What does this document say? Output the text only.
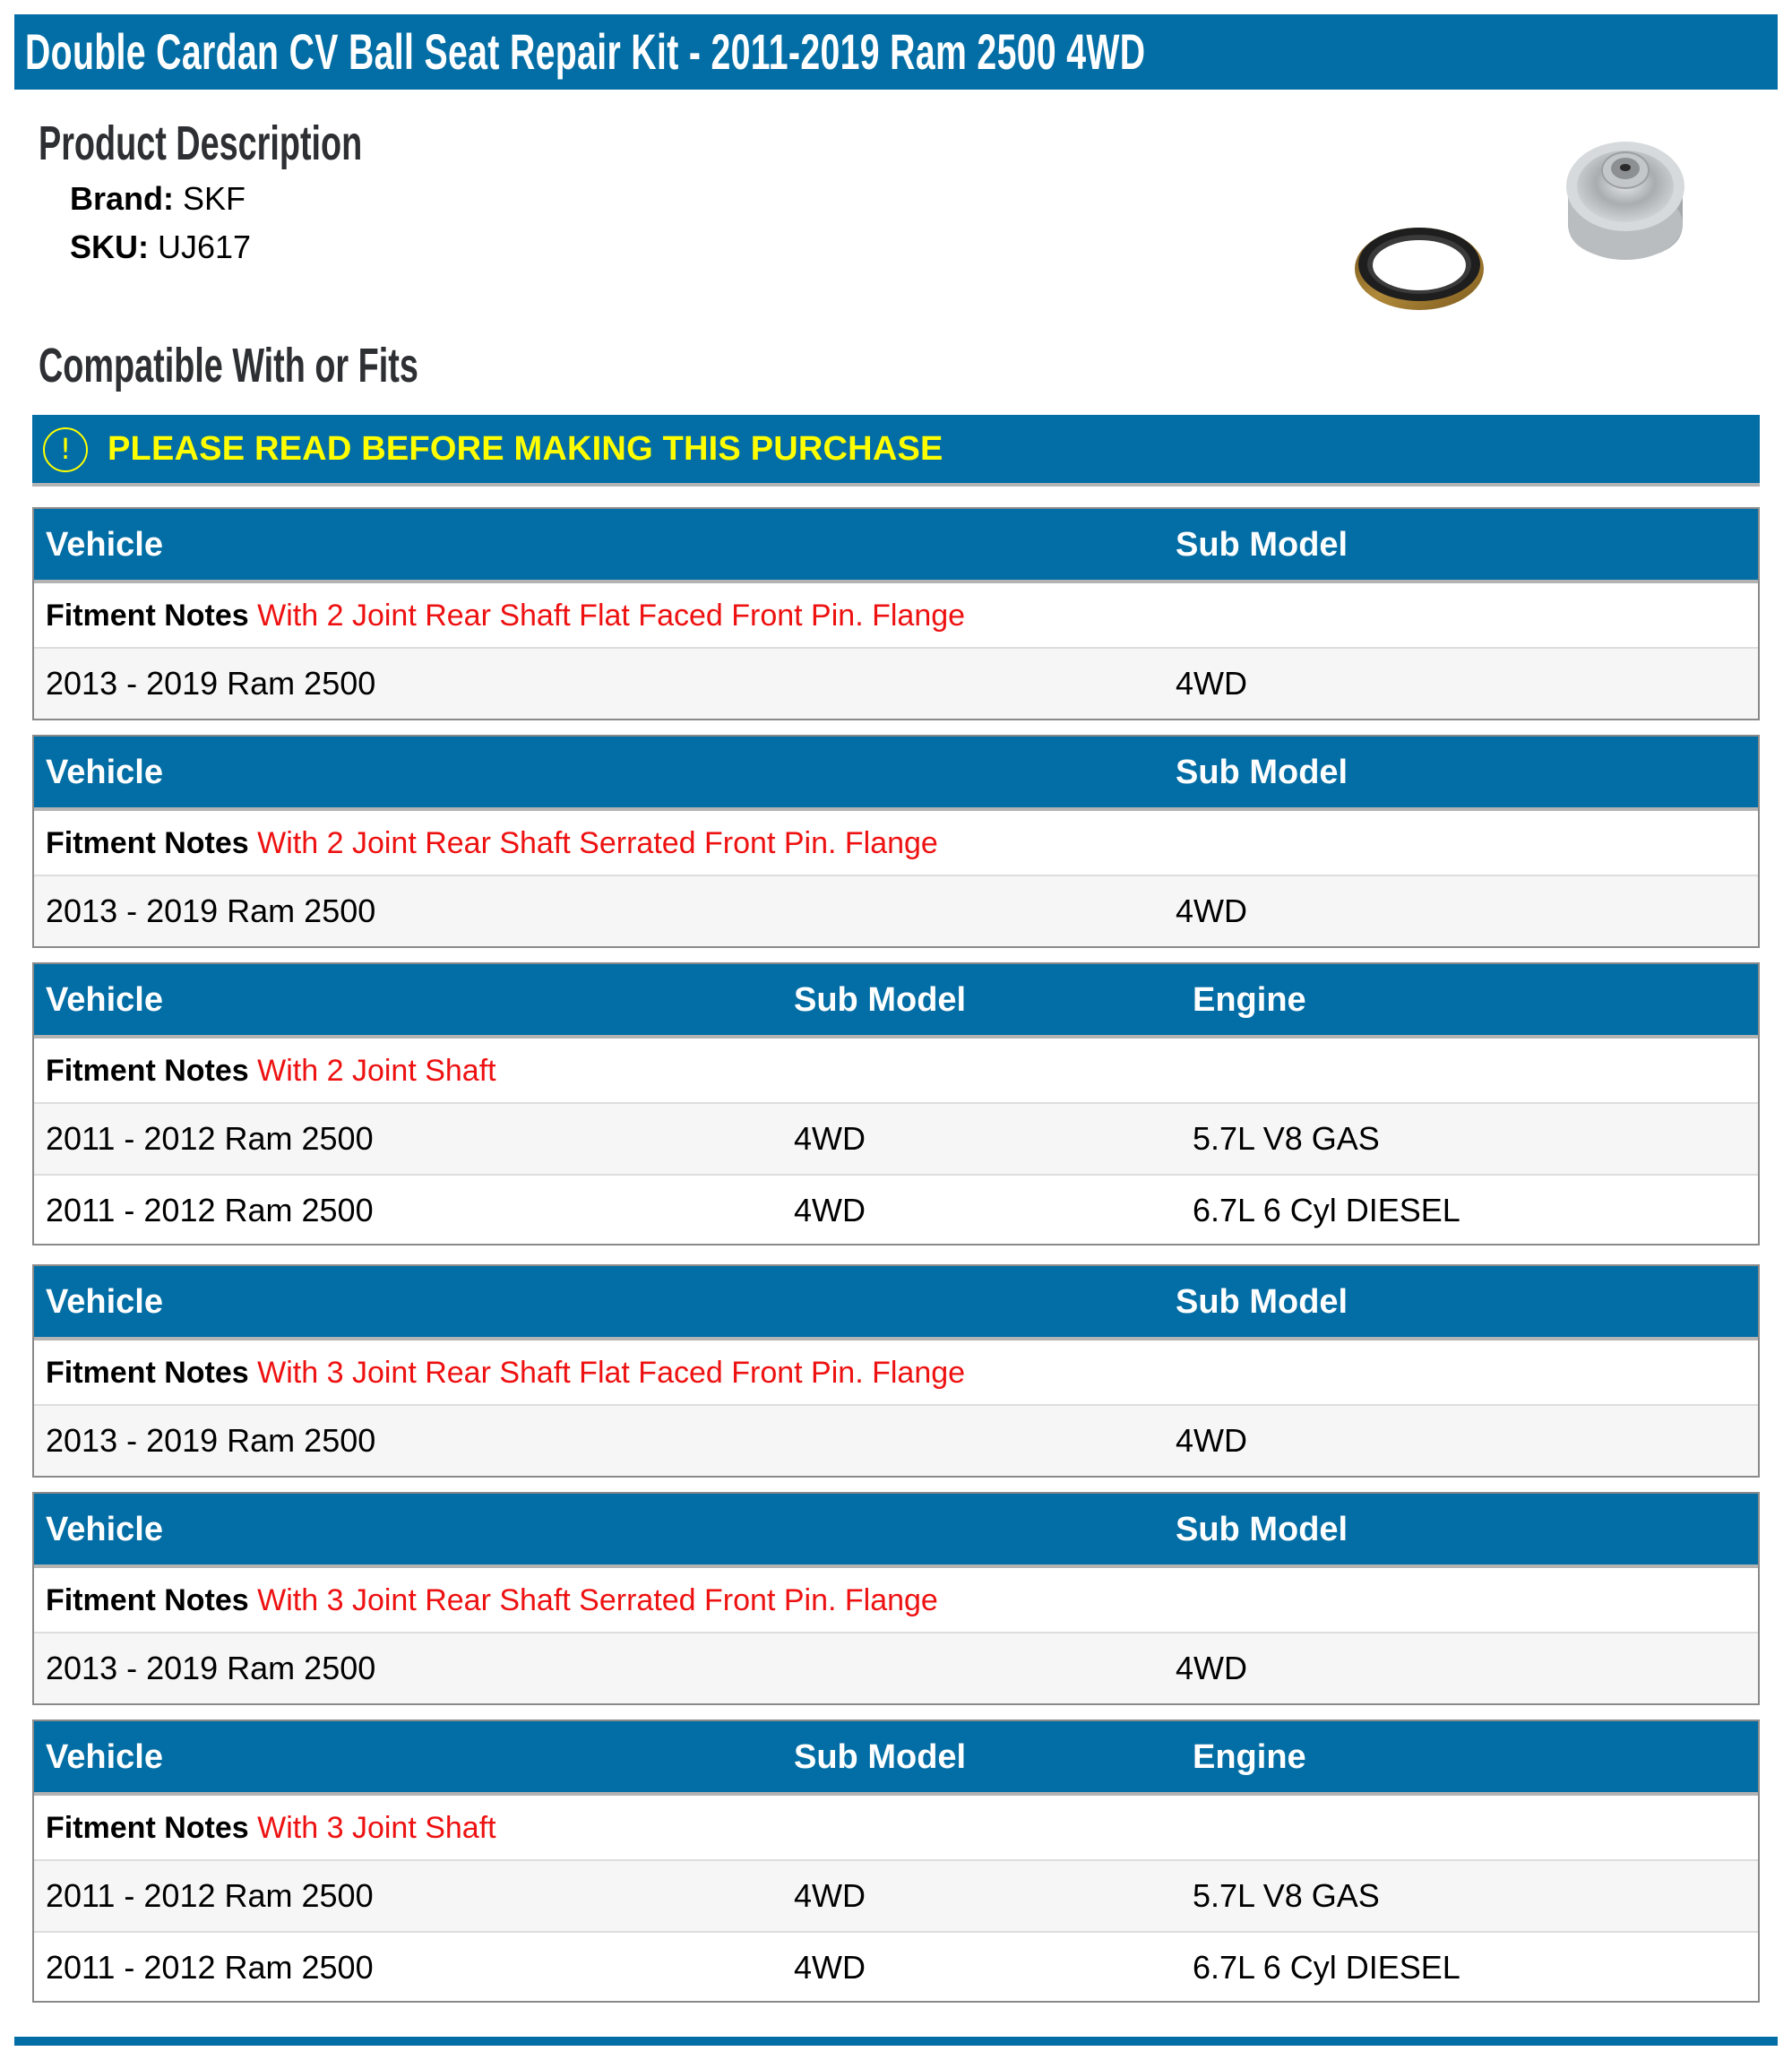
Double Cardan CV Ball Seat Repair Kit - 2011-2019 Ram 2500 4WD
Product Description
Brand: SKF
SKU: UJ617
Compatible With or Fits
!	PLEASE READ BEFORE MAKING THIS PURCHASE
Vehicle	Sub Model
Fitment Notes With 2 Joint Rear Shaft Flat Faced Front Pin. Flange
2013 - 2019 Ram 2500	4WD
Vehicle	Sub Model
Fitment Notes With 2 Joint Rear Shaft Serrated Front Pin. Flange
2013 - 2019 Ram 2500	4WD
Vehicle	Sub Model	Engine
Fitment Notes With 2 Joint Shaft
2011 - 2012 Ram 2500	4WD	5.7L V8 GAS
2011 - 2012 Ram 2500	4WD	6.7L 6 Cyl DIESEL
Vehicle	Sub Model
Fitment Notes With 3 Joint Rear Shaft Flat Faced Front Pin. Flange
2013 - 2019 Ram 2500	4WD
Vehicle	Sub Model
Fitment Notes With 3 Joint Rear Shaft Serrated Front Pin. Flange
2013 - 2019 Ram 2500	4WD
Vehicle	Sub Model	Engine
Fitment Notes With 3 Joint Shaft
2011 - 2012 Ram 2500	4WD	5.7L V8 GAS
2011 - 2012 Ram 2500	4WD	6.7L 6 Cyl DIESEL
